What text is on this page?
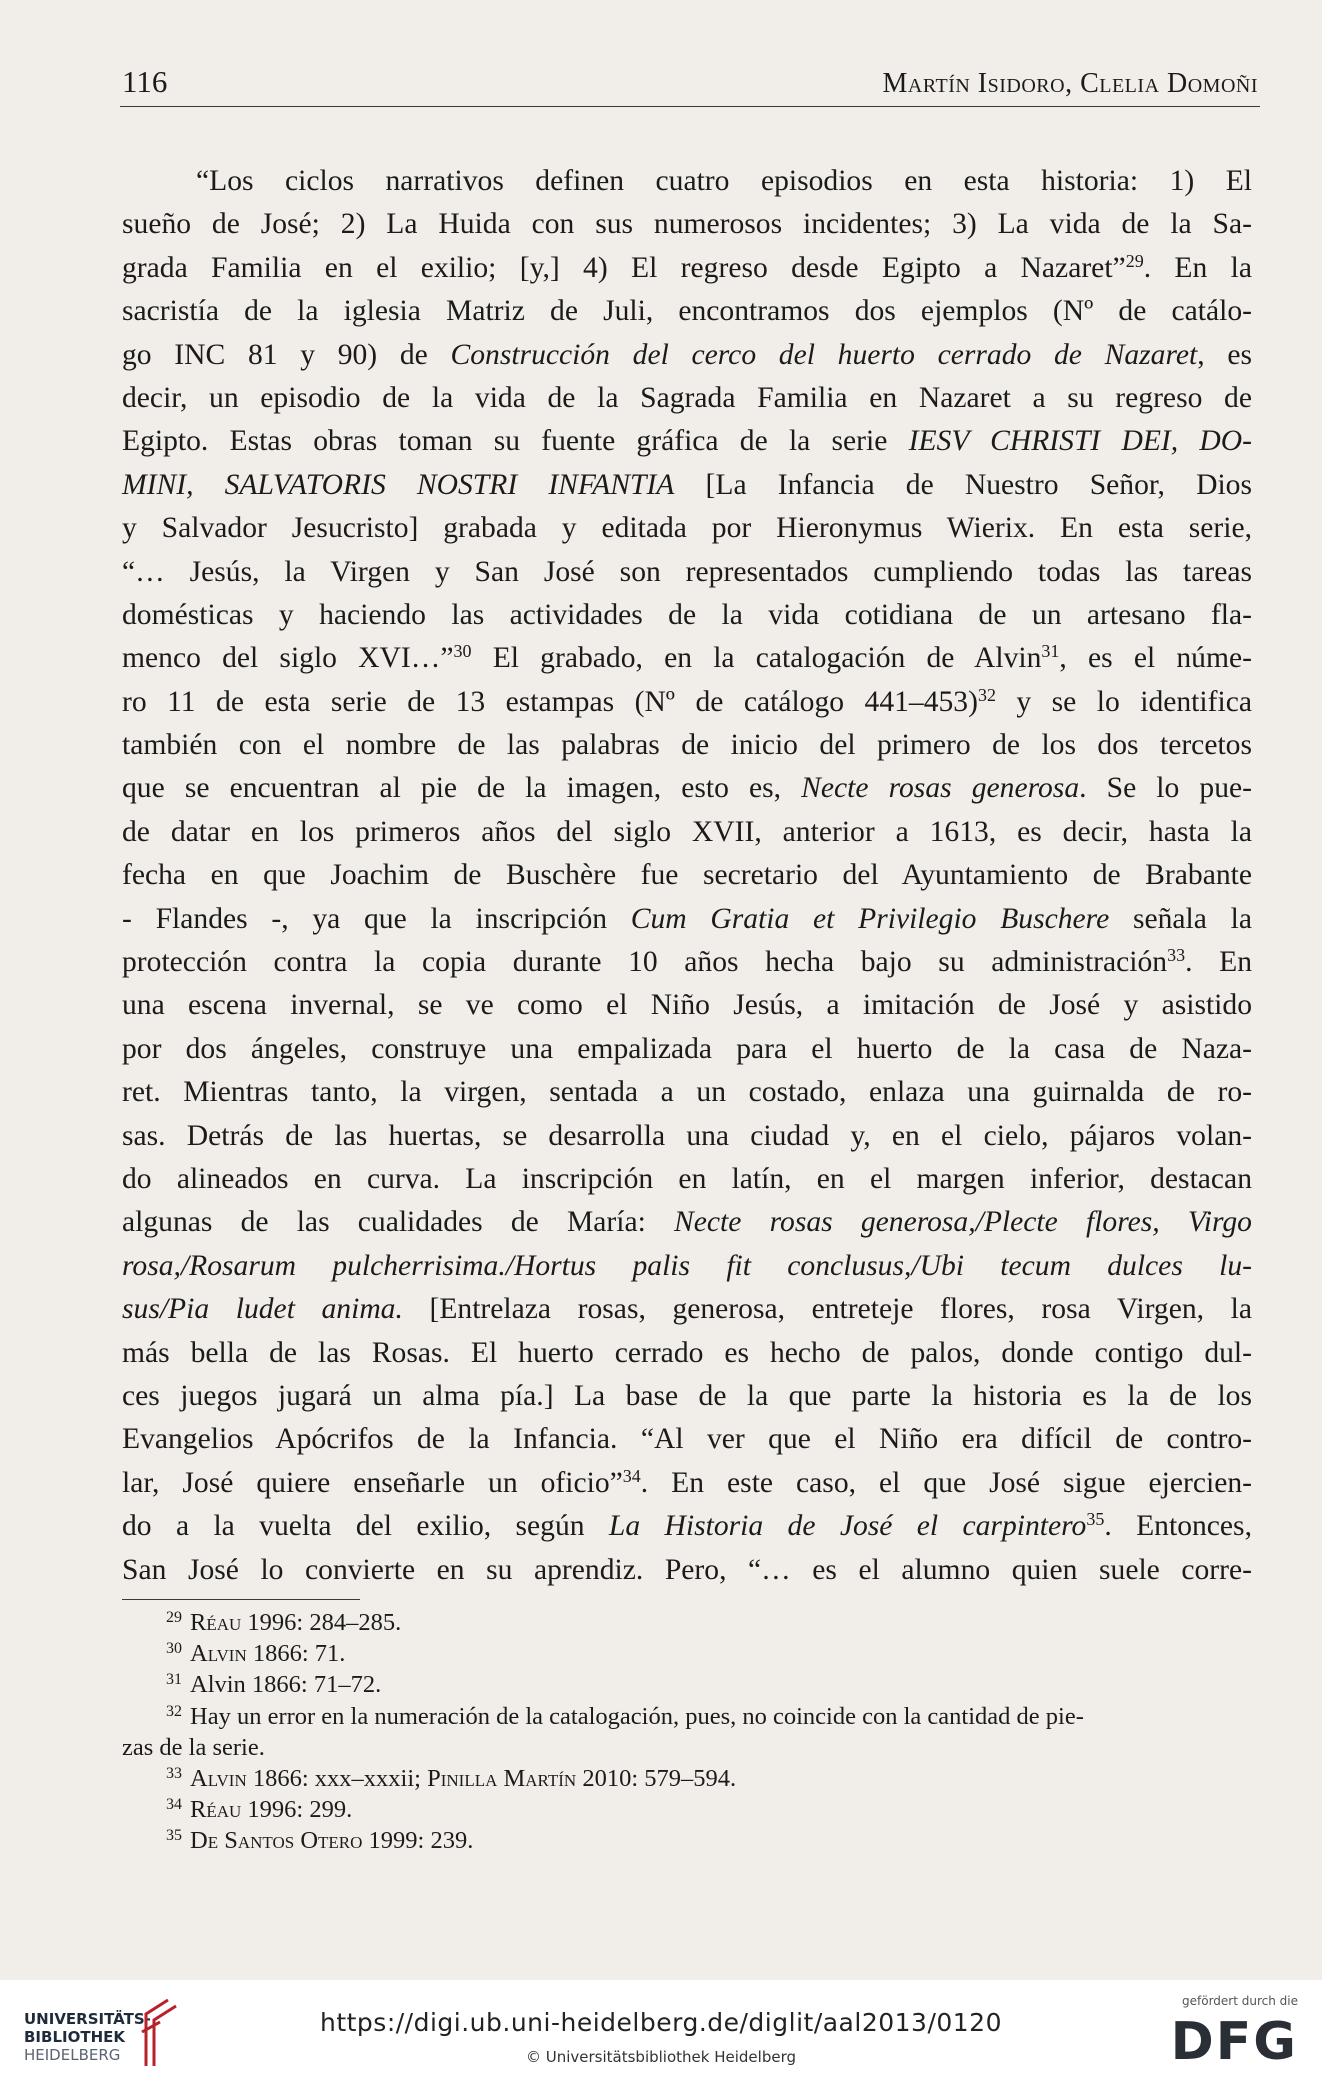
116	Martín Isidoro, Clelia Domoñi
“Los ciclos narrativos definen cuatro episodios en esta historia: 1) El
sueño de José; 2) La Huida con sus numerosos incidentes; 3) La vida de la Sa-
grada Familia en el exilio; [y,] 4) El regreso desde Egipto a Nazaret”$^{29}$. En la
sacristía de la iglesia Matriz de Juli, encontramos dos ejemplos (Nº de catálo-
go INC 81 y 90) de Construcción del cerco del huerto cerrado de Nazaret, es
decir, un episodio de la vida de la Sagrada Familia en Nazaret a su regreso de
Egipto. Estas obras toman su fuente gráfica de la serie IESV CHRISTI DEI, DO-
MINI, SALVATORIS NOSTRI INFANTIA [La Infancia de Nuestro Señor, Dios
y Salvador Jesucristo] grabada y editada por Hieronymus Wierix. En esta serie,
“… Jesús, la Virgen y San José son representados cumpliendo todas las tareas
domésticas y haciendo las actividades de la vida cotidiana de un artesano fla-
menco del siglo XVI…”$^{30}$ El grabado, en la catalogación de Alvin$^{31}$, es el núme-
ro 11 de esta serie de 13 estampas (Nº de catálogo 441–453)$^{32}$ y se lo identifica
también con el nombre de las palabras de inicio del primero de los dos tercetos
que se encuentran al pie de la imagen, esto es, Necte rosas generosa. Se lo pue-
de datar en los primeros años del siglo XVII, anterior a 1613, es decir, hasta la
fecha en que Joachim de Buschère fue secretario del Ayuntamiento de Brabante
- Flandes -, ya que la inscripción Cum Gratia et Privilegio Buschere señala la
protección contra la copia durante 10 años hecha bajo su administración$^{33}$. En
una escena invernal, se ve como el Niño Jesús, a imitación de José y asistido
por dos ángeles, construye una empalizada para el huerto de la casa de Naza-
ret. Mientras tanto, la virgen, sentada a un costado, enlaza una guirnalda de ro-
sas. Detrás de las huertas, se desarrolla una ciudad y, en el cielo, pájaros volan-
do alineados en curva. La inscripción en latín, en el margen inferior, destacan
algunas de las cualidades de María: Necte rosas generosa,/Plecte flores, Virgo
rosa,/Rosarum pulcherrisima./Hortus palis fit conclusus,/Ubi tecum dulces lu-
sus/Pia ludet anima. [Entrelaza rosas, generosa, entreteje flores, rosa Virgen, la
más bella de las Rosas. El huerto cerrado es hecho de palos, donde contigo dul-
ces juegos jugará un alma pía.] La base de la que parte la historia es la de los
Evangelios Apócrifos de la Infancia. “Al ver que el Niño era difícil de contro-
lar, José quiere enseñarle un oficio”$^{34}$. En este caso, el que José sigue ejercien-
do a la vuelta del exilio, según La Historia de José el carpintero$^{35}$. Entonces,
San José lo convierte en su aprendiz. Pero, “… es el alumno quien suele corre-
$^{29}$ Réau 1996: 284–285.
$^{30}$ Alvin 1866: 71.
$^{31}$ Alvin 1866: 71–72.
$^{32}$ Hay un error en la numeración de la catalogación, pues, no coincide con la cantidad de pie-
zas de la serie.
$^{33}$ Alvin 1866: xxx–xxxii; Pinilla Martín 2010: 579–594.
$^{34}$ Réau 1996: 299.
$^{35}$ De Santos Otero 1999: 239.
UNIVERSITÄTS-
BIBLIOTHEK
HEIDELBERG
https://digi.ub.uni-heidelberg.de/diglit/aal2013/0120
© Universitätsbibliothek Heidelberg
gefördert durch die
DFG
